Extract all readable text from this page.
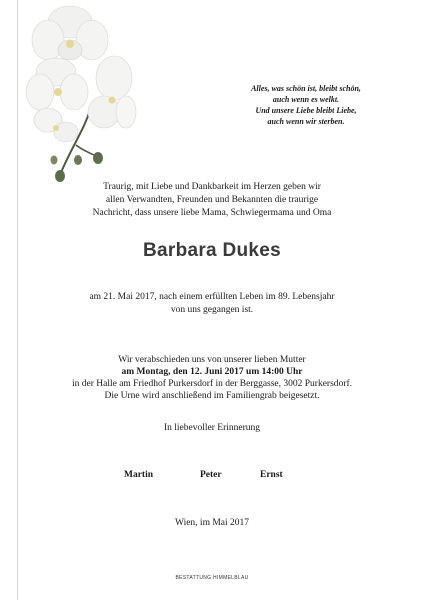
Alles, was schön ist, bleibt schön,
auch wenn es welkt.
Und unsere Liebe bleibt Liebe,
auch wenn wir sterben.
Traurig, mit Liebe und Dankbarkeit im Herzen geben wir
allen Verwandten, Freunden und Bekannten die traurige
Nachricht, dass unsere liebe Mama, Schwiegermama und Oma
Barbara Dukes
am 21. Mai 2017, nach einem erfüllten Leben im 89. Lebensjahr
von uns gegangen ist.
Wir verabschieden uns von unserer lieben Mutter
am Montag, den 12. Juni 2017 um 14:00 Uhr
in der Halle am Friedhof Purkersdorf in der Berggasse, 3002 Purkersdorf.
Die Urne wird anschließend im Familiengrab beigesetzt.
In liebevoller Erinnerung
Martin	Peter	Ernst
Wien, im Mai 2017
BESTATTUNG HIMMELBLAU
